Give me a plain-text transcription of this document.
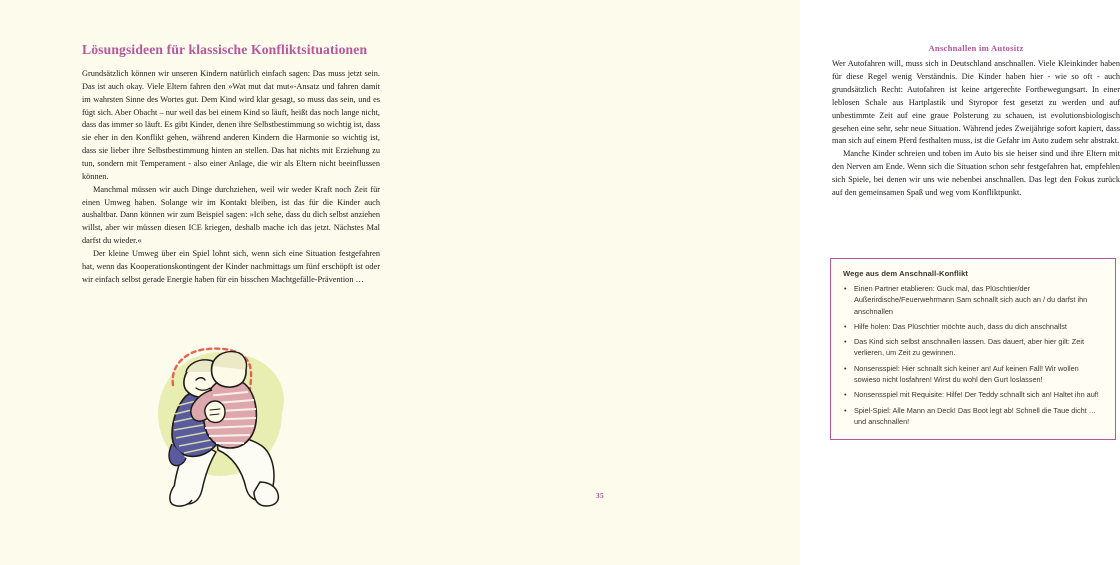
Lösungsideen für klassische Konfliktsituationen

Grundsätzlich können wir unseren Kindern natürlich einfach sagen: Das muss jetzt sein. Das ist auch okay. Viele Eltern fahren den »Wat mut dat mut«-Ansatz und fahren damit im wahrsten Sinne des Wortes gut. Dem Kind wird klar gesagt, so muss das sein, und es fügt sich. Aber Obacht – nur weil das bei einem Kind so läuft, heißt das noch lange nicht, dass das immer so läuft. Es gibt Kinder, denen ihre Selbstbestimmung so wichtig ist, dass sie eher in den Konflikt gehen, während anderen Kindern die Harmonie so wichtig ist, dass sie lieber ihre Selbstbestimmung hinten an stellen. Das hat nichts mit Erziehung zu tun, sondern mit Temperament - also einer Anlage, die wir als Eltern nicht beeinflussen können.

Manchmal müssen wir auch Dinge durchziehen, weil wir weder Kraft noch Zeit für einen Umweg haben. Solange wir im Kontakt bleiben, ist das für die Kinder auch aushaltbar. Dann können wir zum Beispiel sagen: »Ich sehe, dass du dich selbst anziehen willst, aber wir müssen diesen ICE kriegen, deshalb mache ich das jetzt. Nächstes Mal darfst du wieder.«

Der kleine Umweg über ein Spiel lohnt sich, wenn sich eine Situation festgefahren hat, wenn das Kooperationskontingent der Kinder nachmittags um fünf erschöpft ist oder wir einfach selbst gerade Energie haben für ein bisschen Machtgefälle-Prävention …

Anschnallen im Autositz

Wer Autofahren will, muss sich in Deutschland anschnallen. Viele Kleinkinder haben für diese Regel wenig Verständnis. Die Kinder haben hier - wie so oft - auch grundsätzlich Recht: Autofahren ist keine artgerechte Fortbewegungsart. In einer leblosen Schale aus Hartplastik und Styropor fest gesetzt zu werden und auf unbestimmte Zeit auf eine graue Polsterung zu schauen, ist evolutionsbiologisch gesehen eine sehr, sehr neue Situation. Während jedes Zweijährige sofort kapiert, dass man sich auf einem Pferd festhalten muss, ist die Gefahr im Auto zudem sehr abstrakt.

Manche Kinder schreien und toben im Auto bis sie heiser sind und ihre Eltern mit den Nerven am Ende. Wenn sich die Situation schon sehr festgefahren hat, empfehlen sich Spiele, bei denen wir uns wie nebenbei anschnallen. Das legt den Fokus zurück auf den gemeinsamen Spaß und weg vom Konfliktpunkt.

Wege aus dem Anschnall-Konflikt
• Einen Partner etablieren: Guck mal, das Plüschtier/der Außerirdische/Feuerwehrmann Sam schnallt sich auch an / du darfst ihn anschnallen
• Hilfe holen: Das Plüschtier möchte auch, dass du dich anschnallst
• Das Kind sich selbst anschnallen lassen. Das dauert, aber hier gilt: Zeit verlieren, um Zeit zu gewinnen.
• Nonsensspiel: Hier schnallt sich keiner an! Auf keinen Fall! Wir wollen sowieso nicht losfahren! Wirst du wohl den Gurt loslassen!
• Nonsensspiel mit Requisite: Hilfe! Der Teddy schnallt sich an! Haltet ihn auf!
• Spiel-Spiel: Alle Mann an Deck! Das Boot legt ab! Schnell die Taue dicht … und anschnallen!
35
